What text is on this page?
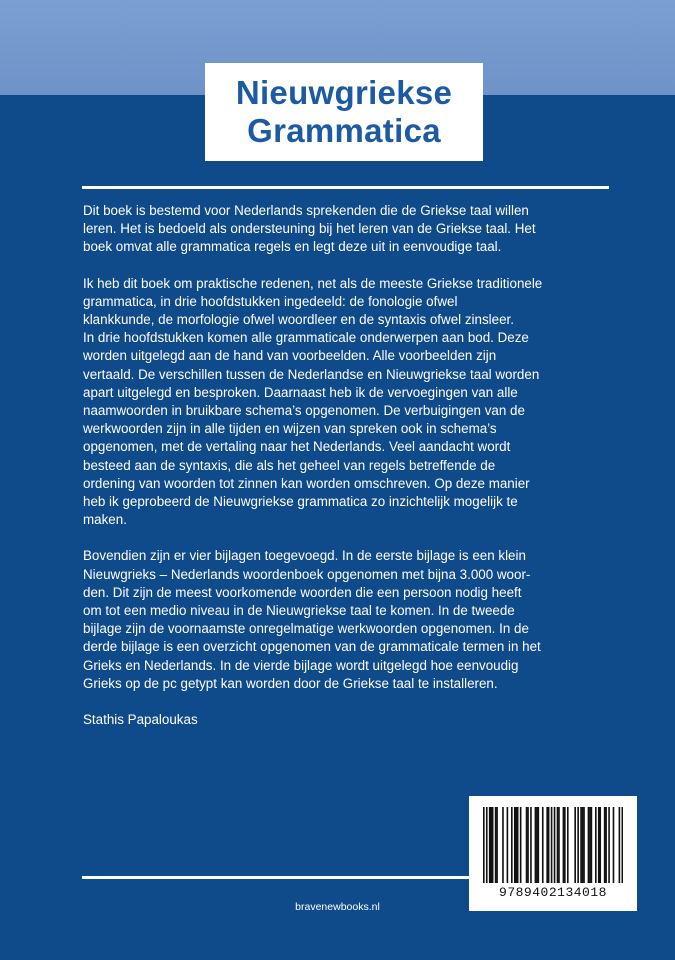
Nieuwgriekse
Grammatica

Dit boek is bestemd voor Nederlands sprekenden die de Griekse taal willen
leren. Het is bedoeld als ondersteuning bij het leren van de Griekse taal. Het
boek omvat alle grammatica regels en legt deze uit in eenvoudige taal.

Ik heb dit boek om praktische redenen, net als de meeste Griekse traditionele
grammatica, in drie hoofdstukken ingedeeld: de fonologie ofwel
klankkunde, de morfologie ofwel woordleer en de syntaxis ofwel zinsleer.
In drie hoofdstukken komen alle grammaticale onderwerpen aan bod. Deze
worden uitgelegd aan de hand van voorbeelden. Alle voorbeelden zijn
vertaald. De verschillen tussen de Nederlandse en Nieuwgriekse taal worden
apart uitgelegd en besproken. Daarnaast heb ik de vervoegingen van alle
naamwoorden in bruikbare schema’s opgenomen. De verbuigingen van de
werkwoorden zijn in alle tijden en wijzen van spreken ook in schema’s
opgenomen, met de vertaling naar het Nederlands. Veel aandacht wordt
besteed aan de syntaxis, die als het geheel van regels betreffende de
ordening van woorden tot zinnen kan worden omschreven. Op deze manier
heb ik geprobeerd de Nieuwgriekse grammatica zo inzichtelijk mogelijk te
maken.

Bovendien zijn er vier bijlagen toegevoegd. In de eerste bijlage is een klein
Nieuwgrieks – Nederlands woordenboek opgenomen met bijna 3.000 woor-
den. Dit zijn de meest voorkomende woorden die een persoon nodig heeft
om tot een medio niveau in de Nieuwgriekse taal te komen. In de tweede
bijlage zijn de voornaamste onregelmatige werkwoorden opgenomen. In de
derde bijlage is een overzicht opgenomen van de grammaticale termen in het
Grieks en Nederlands. In de vierde bijlage wordt uitgelegd hoe eenvoudig
Grieks op de pc getypt kan worden door de Griekse taal te installeren.

Stathis Papaloukas

9789402134018
bravenewbooks.nl
